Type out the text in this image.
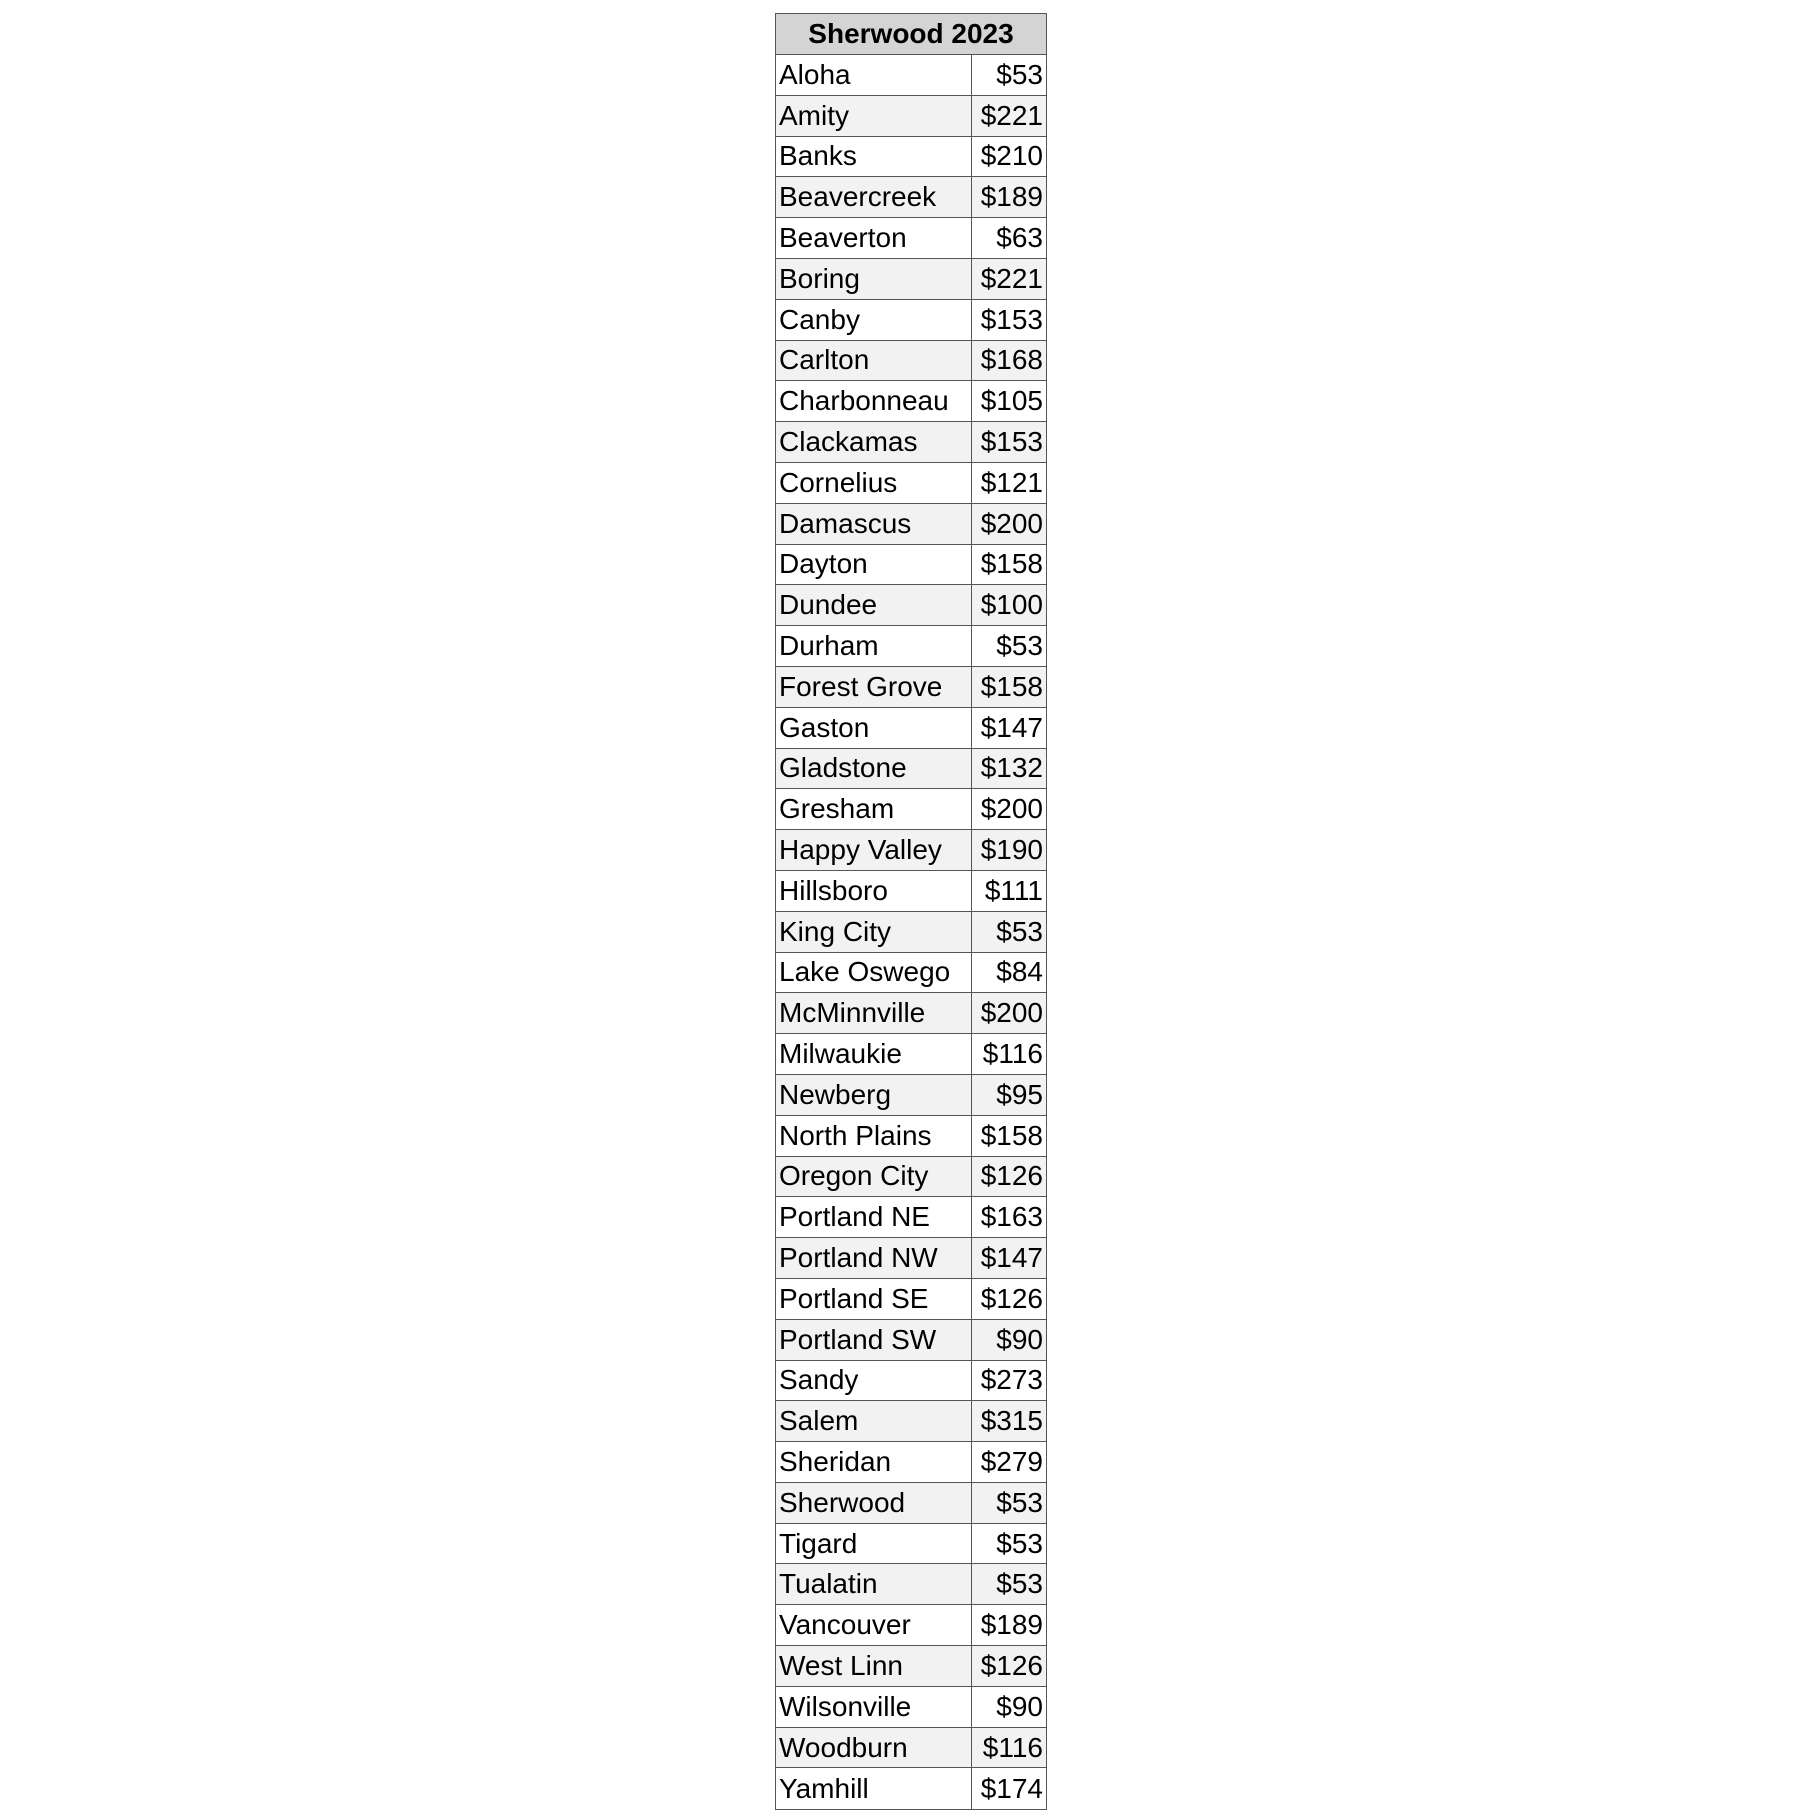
Sherwood 2023
Aloha	$53
Amity	$221
Banks	$210
Beavercreek	$189
Beaverton	$63
Boring	$221
Canby	$153
Carlton	$168
Charbonneau	$105
Clackamas	$153
Cornelius	$121
Damascus	$200
Dayton	$158
Dundee	$100
Durham	$53
Forest Grove	$158
Gaston	$147
Gladstone	$132
Gresham	$200
Happy Valley	$190
Hillsboro	$111
King City	$53
Lake Oswego	$84
McMinnville	$200
Milwaukie	$116
Newberg	$95
North Plains	$158
Oregon City	$126
Portland NE	$163
Portland NW	$147
Portland SE	$126
Portland SW	$90
Sandy	$273
Salem	$315
Sheridan	$279
Sherwood	$53
Tigard	$53
Tualatin	$53
Vancouver	$189
West Linn	$126
Wilsonville	$90
Woodburn	$116
Yamhill	$174
